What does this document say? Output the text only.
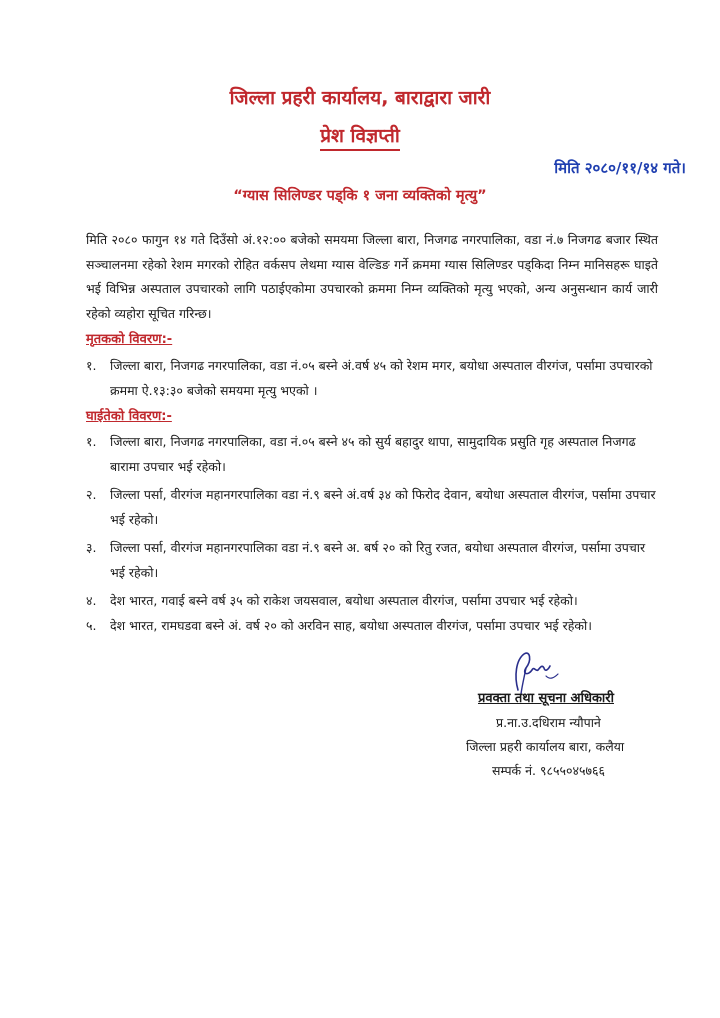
जिल्ला प्रहरी कार्यालय, बाराद्वारा जारी
प्रेश विज्ञप्ती
मिति २०८०/११/१४ गते।
“ग्यास सिलिण्डर पड्कि १ जना व्यक्तिको मृत्यु”
मिति २०८० फागुन १४ गते दिउँसो अं.१२:०० बजेको समयमा जिल्ला बारा, निजगढ नगरपालिका, वडा नं.७ निजगढ बजार स्थित सञ्चालनमा रहेको रेशम मगरको रोहित वर्कसप लेथमा ग्यास वेल्डिङ गर्ने क्रममा ग्यास सिलिण्डर पड्किदा निम्न मानिसहरू घाइते भई विभिन्न अस्पताल उपचारको लागि पठाईएकोमा उपचारको क्रममा निम्न व्यक्तिको मृत्यु भएको, अन्य अनुसन्धान कार्य जारी रहेको व्यहोरा सूचित गरिन्छ।
मृतकको विवरण:-
१. जिल्ला बारा, निजगढ नगरपालिका, वडा नं.०५ बस्ने अं.वर्ष ४५ को रेशम मगर, बयोधा अस्पताल वीरगंज, पर्सामा उपचारको क्रममा ऐ.१३:३० बजेको समयमा मृत्यु भएको ।
घाईतेको विवरण:-
१. जिल्ला बारा, निजगढ नगरपालिका, वडा नं.०५ बस्ने ४५ को सुर्य बहादुर थापा, सामुदायिक प्रसुति गृह अस्पताल निजगढ बारामा उपचार भई रहेको।
२. जिल्ला पर्सा, वीरगंज महानगरपालिका वडा नं.९ बस्ने अं.वर्ष ३४ को फिरोद देवान, बयोधा अस्पताल वीरगंज, पर्सामा उपचार भई रहेको।
३. जिल्ला पर्सा, वीरगंज महानगरपालिका वडा नं.९ बस्ने अ. बर्ष २० को रितु रजत, बयोधा अस्पताल वीरगंज, पर्सामा उपचार भई रहेको।
४. देश भारत, गवाई बस्ने वर्ष ३५ को राकेश जयसवाल, बयोधा अस्पताल वीरगंज, पर्सामा उपचार भई रहेको।
५. देश भारत, रामघडवा बस्ने अं. वर्ष २० को अरविन साह, बयोधा अस्पताल वीरगंज, पर्सामा उपचार भई रहेको।
प्रवक्ता तथा सूचना अधिकारी
प्र.ना.उ.दधिराम न्यौपाने
जिल्ला प्रहरी कार्यालय बारा, कलैया
सम्पर्क नं. ९८५५०४५७६६
